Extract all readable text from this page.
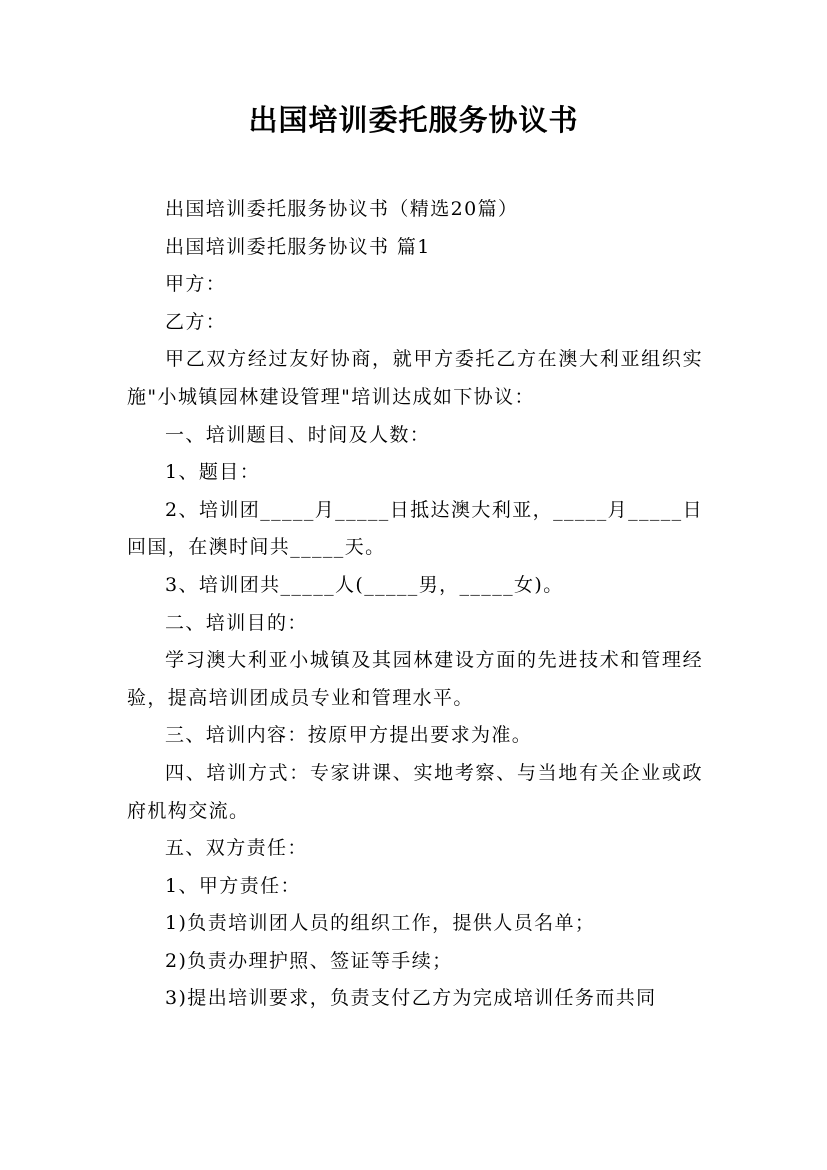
出国培训委托服务协议书

出国培训委托服务协议书（精选20篇）

出国培训委托服务协议书 篇1

甲方：

乙方：

甲乙双方经过友好协商，就甲方委托乙方在澳大利亚组织实施"小城镇园林建设管理"培训达成如下协议：

一、培训题目、时间及人数：

1、题目：

2、培训团_____月_____日抵达澳大利亚，_____月_____日回国，在澳时间共_____天。

3、培训团共_____人(_____男，_____女)。

二、培训目的：

学习澳大利亚小城镇及其园林建设方面的先进技术和管理经验，提高培训团成员专业和管理水平。

三、培训内容：按原甲方提出要求为准。

四、培训方式：专家讲课、实地考察、与当地有关企业或政府机构交流。

五、双方责任：

1、甲方责任：

1)负责培训团人员的组织工作，提供人员名单；

2)负责办理护照、签证等手续；

3)提出培训要求，负责支付乙方为完成培训任务而共同
